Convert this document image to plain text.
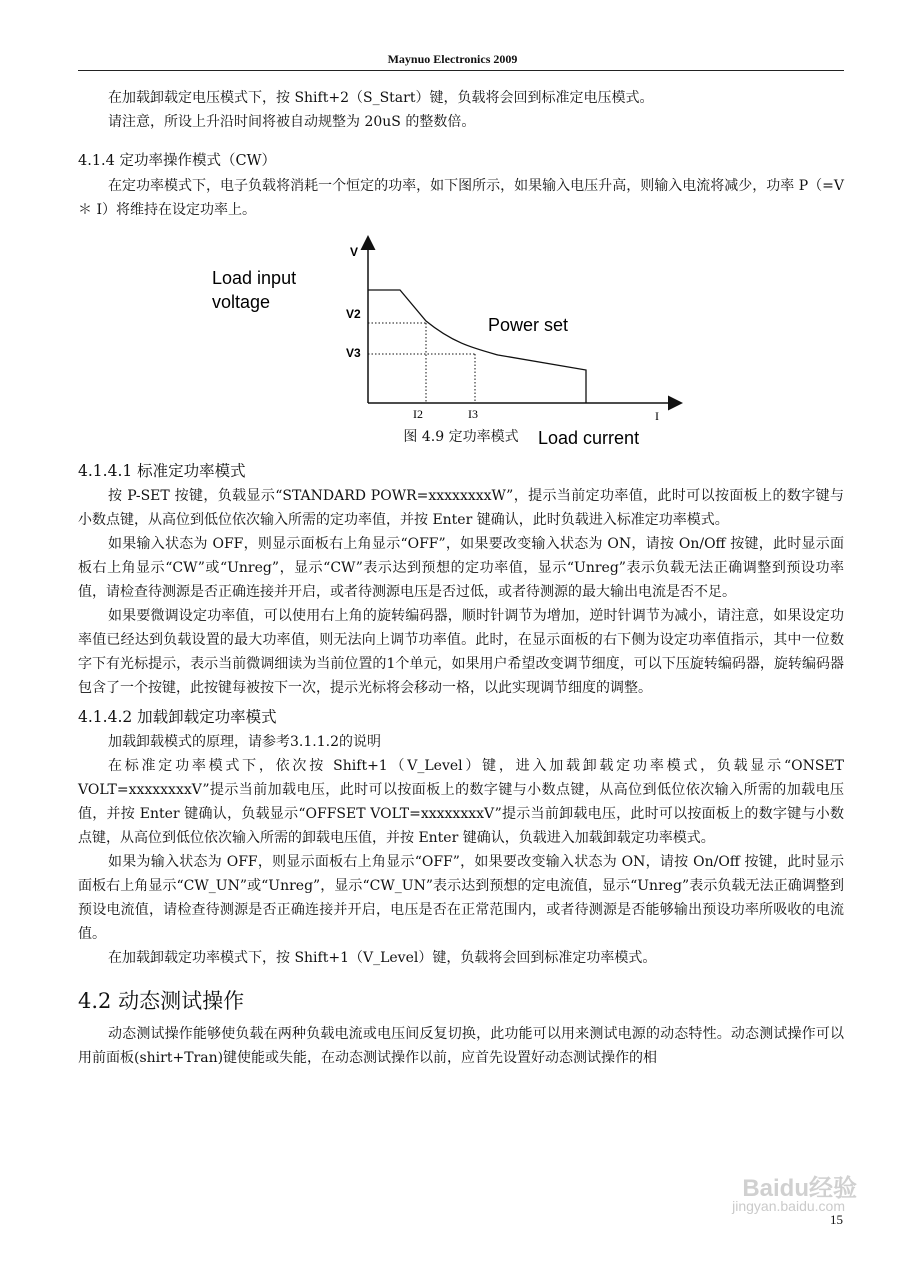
Maynuo Electronics 2009

在加载卸载定电压模式下，按 Shift+2（S_Start）键，负载将会回到标准定电压模式。

请注意，所设上升沿时间将被自动规整为 20uS 的整数倍。

4.1.4 定功率操作模式（CW）

在定功率模式下，电子负载将消耗一个恒定的功率，如下图所示，如果输入电压升高，则输入电流将减少，功率 P（=V ＊ I）将维持在设定功率上。

V
I
V2
V3
I2	I3
Power set
Load input
voltage
Load current
图 4.9 定功率模式
4.1.4.1 标准定功率模式

按 P-SET 按键，负载显示“STANDARD POWR=xxxxxxxxW”，提示当前定功率值，此时可以按面板上的数字键与小数点键，从高位到低位依次输入所需的定功率值，并按 Enter 键确认，此时负载进入标准定功率模式。

如果输入状态为 OFF，则显示面板右上角显示“OFF”，如果要改变输入状态为 ON，请按 On/Off 按键，此时显示面板右上角显示“CW”或“Unreg”，显示“CW”表示达到预想的定功率值，显示“Unreg”表示负载无法正确调整到预设功率值，请检查待测源是否正确连接并开启，或者待测源电压是否过低，或者待测源的最大输出电流是否不足。

如果要微调设定功率值，可以使用右上角的旋转编码器，顺时针调节为增加，逆时针调节为减小，请注意，如果设定功率值已经达到负载设置的最大功率值，则无法向上调节功率值。此时，在显示面板的右下侧为设定功率值指示，其中一位数字下有光标提示，表示当前微调细读为当前位置的1个单元，如果用户希望改变调节细度，可以下压旋转编码器，旋转编码器包含了一个按键，此按键每被按下一次，提示光标将会移动一格，以此实现调节细度的调整。

4.1.4.2 加载卸载定功率模式

加载卸载模式的原理，请参考3.1.1.2的说明

在标准定功率模式下，依次按 Shift+1（V_Level）键，进入加载卸载定功率模式，负载显示“ONSET VOLT=xxxxxxxxV”提示当前加载电压，此时可以按面板上的数字键与小数点键，从高位到低位依次输入所需的加载电压值，并按 Enter 键确认，负载显示“OFFSET VOLT=xxxxxxxxV”提示当前卸载电压，此时可以按面板上的数字键与小数点键，从高位到低位依次输入所需的卸载电压值，并按 Enter 键确认，负载进入加载卸载定功率模式。

如果为输入状态为 OFF，则显示面板右上角显示“OFF”，如果要改变输入状态为 ON，请按 On/Off 按键，此时显示面板右上角显示“CW_UN”或“Unreg”，显示“CW_UN”表示达到预想的定电流值，显示“Unreg”表示负载无法正确调整到预设电流值，请检查待测源是否正确连接并开启，电压是否在正常范围内，或者待测源是否能够输出预设功率所吸收的电流值。

在加载卸载定功率模式下，按 Shift+1（V_Level）键，负载将会回到标准定功率模式。

4.2 动态测试操作

动态测试操作能够使负载在两种负载电流或电压间反复切换，此功能可以用来测试电源的动态特性。动态测试操作可以用前面板(shirt+Tran)键使能或失能，在动态测试操作以前，应首先设置好动态测试操作的相

Baidu经验
jingyan.baidu.com
15
